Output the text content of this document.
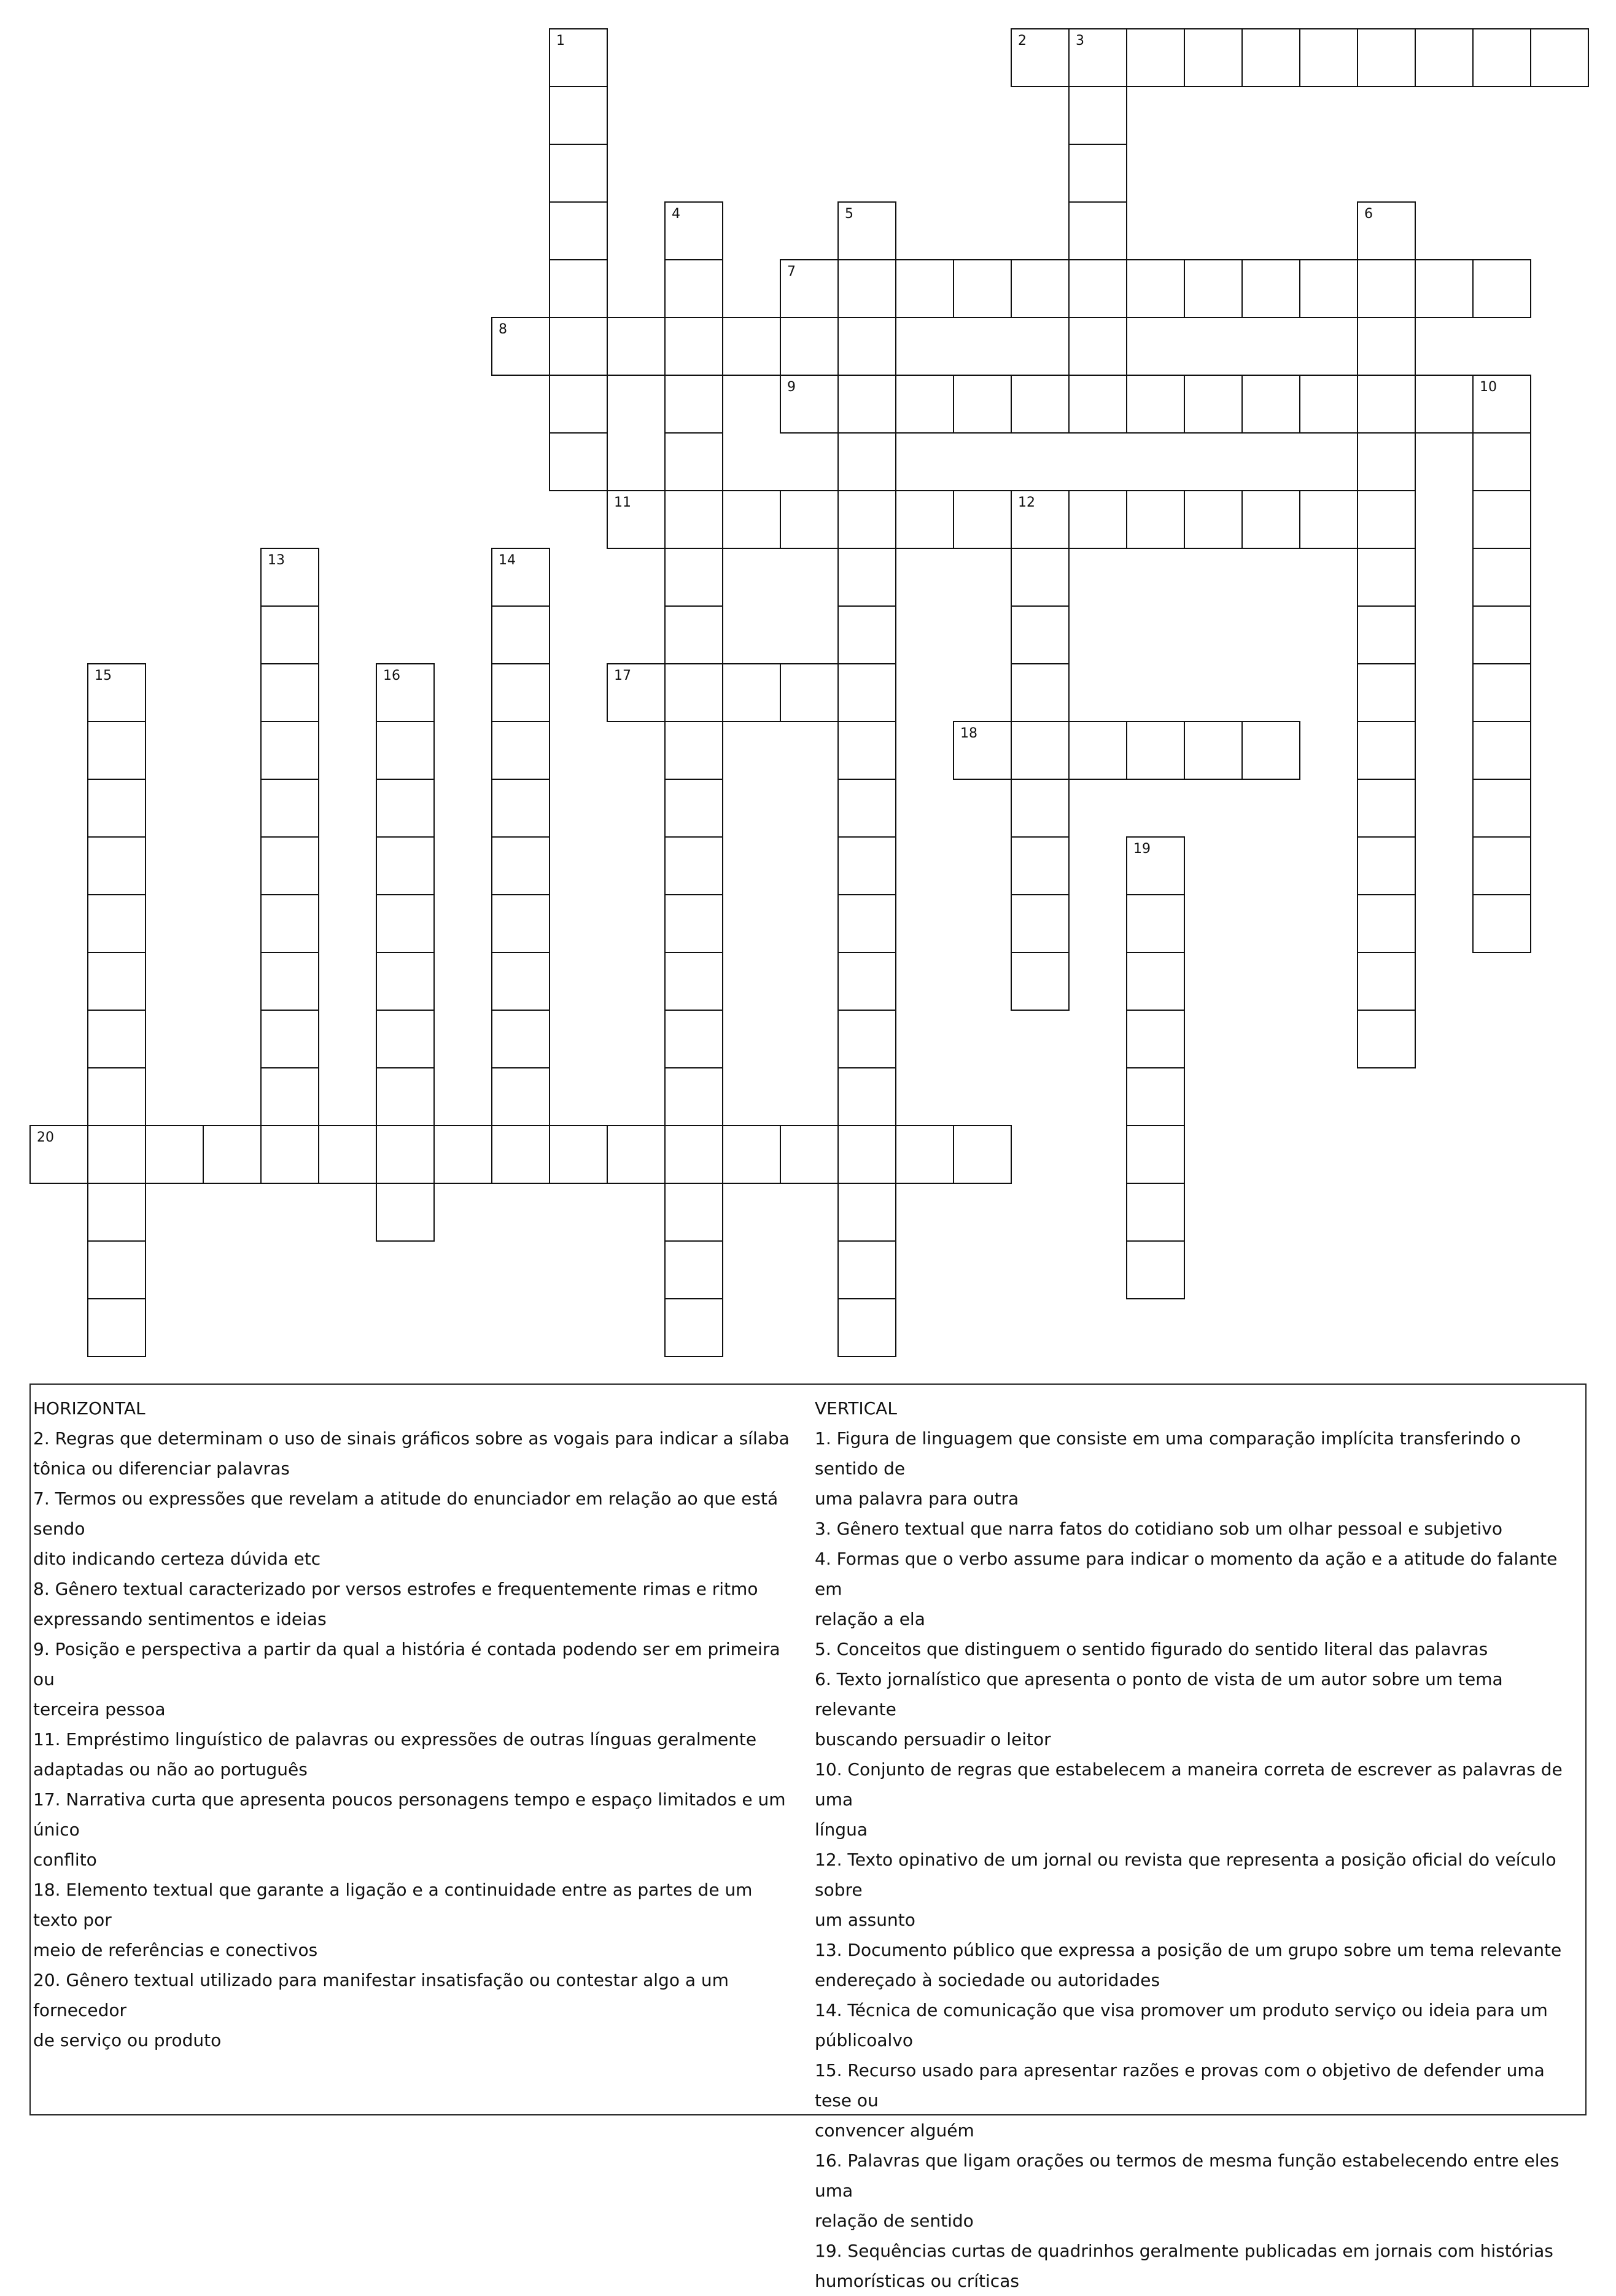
1	2	3
4	5	6
7
8
9	10
11	12
13	14
15	16	17
18
19
20
HORIZONTAL
2. Regras que determinam o uso de sinais gráficos sobre as vogais para indicar a sílaba
tônica ou diferenciar palavras
7. Termos ou expressões que revelam a atitude do enunciador em relação ao que está sendo
dito indicando certeza dúvida etc
8. Gênero textual caracterizado por versos estrofes e frequentemente rimas e ritmo
expressando sentimentos e ideias
9. Posição e perspectiva a partir da qual a história é contada podendo ser em primeira ou
terceira pessoa
11. Empréstimo linguístico de palavras ou expressões de outras línguas geralmente
adaptadas ou não ao português
17. Narrativa curta que apresenta poucos personagens tempo e espaço limitados e um único
conflito
18. Elemento textual que garante a ligação e a continuidade entre as partes de um texto por
meio de referências e conectivos
20. Gênero textual utilizado para manifestar insatisfação ou contestar algo a um fornecedor
de serviço ou produto
VERTICAL
1. Figura de linguagem que consiste em uma comparação implícita transferindo o sentido de
uma palavra para outra
3. Gênero textual que narra fatos do cotidiano sob um olhar pessoal e subjetivo
4. Formas que o verbo assume para indicar o momento da ação e a atitude do falante em
relação a ela
5. Conceitos que distinguem o sentido figurado do sentido literal das palavras
6. Texto jornalístico que apresenta o ponto de vista de um autor sobre um tema relevante
buscando persuadir o leitor
10. Conjunto de regras que estabelecem a maneira correta de escrever as palavras de uma
língua
12. Texto opinativo de um jornal ou revista que representa a posição oficial do veículo sobre
um assunto
13. Documento público que expressa a posição de um grupo sobre um tema relevante
endereçado à sociedade ou autoridades
14. Técnica de comunicação que visa promover um produto serviço ou ideia para um
públicoalvo
15. Recurso usado para apresentar razões e provas com o objetivo de defender uma tese ou
convencer alguém
16. Palavras que ligam orações ou termos de mesma função estabelecendo entre eles uma
relação de sentido
19. Sequências curtas de quadrinhos geralmente publicadas em jornais com histórias
humorísticas ou críticas
